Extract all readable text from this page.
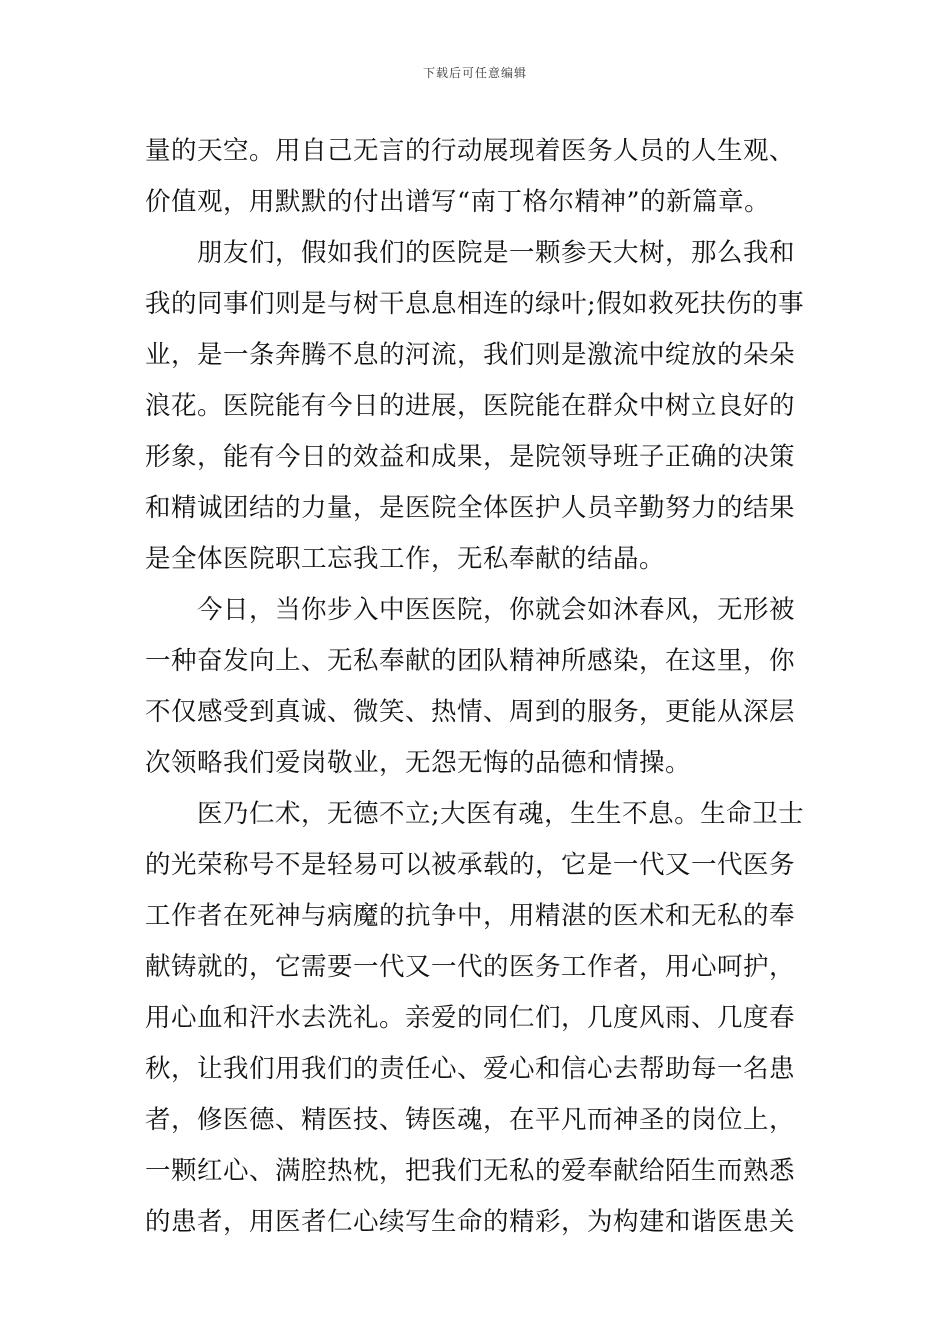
下载后可任意编辑
量的天空。用自己无言的行动展现着医务人员的人生观、
价值观，用默默的付出谱写“南丁格尔精神”的新篇章。
　　朋友们，假如我们的医院是一颗参天大树，那么我和
我的同事们则是与树干息息相连的绿叶;假如救死扶伤的事
业，是一条奔腾不息的河流，我们则是激流中绽放的朵朵
浪花。医院能有今日的进展，医院能在群众中树立良好的
形象，能有今日的效益和成果，是院领导班子正确的决策
和精诚团结的力量，是医院全体医护人员辛勤努力的结果
是全体医院职工忘我工作，无私奉献的结晶。
　　今日，当你步入中医医院，你就会如沐春风，无形被
一种奋发向上、无私奉献的团队精神所感染，在这里，你
不仅感受到真诚、微笑、热情、周到的服务，更能从深层
次领略我们爱岗敬业，无怨无悔的品德和情操。
　　医乃仁术，无德不立;大医有魂，生生不息。生命卫士
的光荣称号不是轻易可以被承载的，它是一代又一代医务
工作者在死神与病魔的抗争中，用精湛的医术和无私的奉
献铸就的，它需要一代又一代的医务工作者，用心呵护，
用心血和汗水去洗礼。亲爱的同仁们，几度风雨、几度春
秋，让我们用我们的责任心、爱心和信心去帮助每一名患
者，修医德、精医技、铸医魂，在平凡而神圣的岗位上，
一颗红心、满腔热枕，把我们无私的爱奉献给陌生而熟悉
的患者，用医者仁心续写生命的精彩，为构建和谐医患关
